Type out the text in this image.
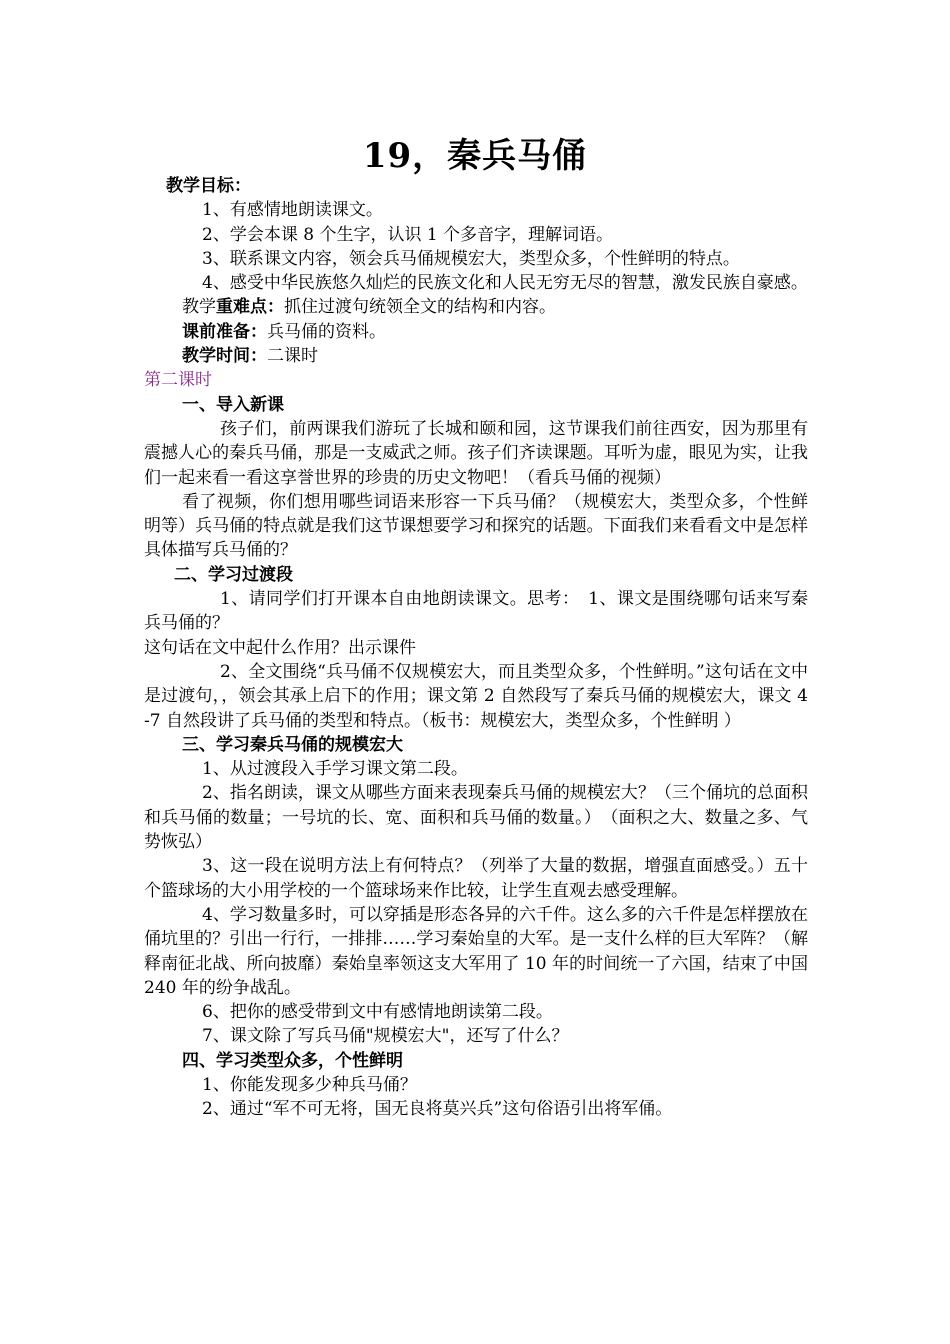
19，秦兵马俑

教学目标：

1、有感情地朗读课文。

2、学会本课 8 个生字，认识 1 个多音字，理解词语。

3、联系课文内容，领会兵马俑规模宏大，类型众多，个性鲜明的特点。

4、感受中华民族悠久灿烂的民族文化和人民无穷无尽的智慧，激发民族自豪感。

教学重难点：抓住过渡句统领全文的结构和内容。

课前准备：兵马俑的资料。

教学时间：二课时

第二课时

一、导入新课

孩子们，前两课我们游玩了长城和颐和园，这节课我们前往西安，因为那里有震撼人心的秦兵马俑，那是一支威武之师。孩子们齐读课题。耳听为虚，眼见为实，让我们一起来看一看这享誉世界的珍贵的历史文物吧！（看兵马俑的视频）

看了视频，你们想用哪些词语来形容一下兵马俑？（规模宏大，类型众多，个性鲜明等）兵马俑的特点就是我们这节课想要学习和探究的话题。下面我们来看看文中是怎样具体描写兵马俑的？

二、学习过渡段

1、请同学们打开课本自由地朗读课文。思考：　1、课文是围绕哪句话来写秦兵马俑的？

这句话在文中起什么作用？出示课件

2、全文围绕“兵马俑不仅规模宏大，而且类型众多，个性鲜明。”这句话在文中是过渡句，，领会其承上启下的作用；课文第 2 自然段写了秦兵马俑的规模宏大，课文 4 -7 自然段讲了兵马俑的类型和特点。（板书：规模宏大，类型众多，个性鲜明 ）

三、学习秦兵马俑的规模宏大

1、从过渡段入手学习课文第二段。

2、指名朗读，课文从哪些方面来表现秦兵马俑的规模宏大？（三个俑坑的总面积和兵马俑的数量；一号坑的长、宽、面积和兵马俑的数量。）　（面积之大、数量之多、气势恢弘）

3、这一段在说明方法上有何特点？（列举了大量的数据，增强直面感受。）五十个篮球场的大小用学校的一个篮球场来作比较，让学生直观去感受理解。

4、学习数量多时，可以穿插是形态各异的六千件。这么多的六千件是怎样摆放在俑坑里的？引出一行行，一排排……学习秦始皇的大军。是一支什么样的巨大军阵？（解释南征北战、所向披靡）秦始皇率领这支大军用了 10 年的时间统一了六国，结束了中国 240 年的纷争战乱。

6、把你的感受带到文中有感情地朗读第二段。

7、课文除了写兵马俑"规模宏大"，还写了什么？

四、学习类型众多，个性鲜明

1、你能发现多少种兵马俑？

2、通过“军不可无将，国无良将莫兴兵”这句俗语引出将军俑。
